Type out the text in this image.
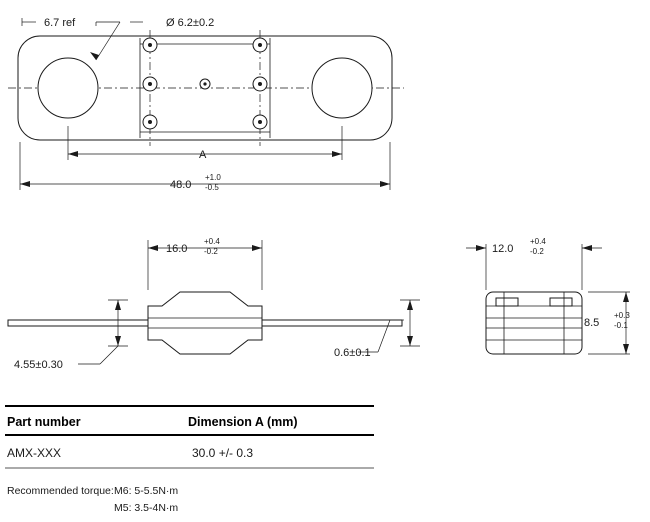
6.7 ref	Ø 6.2±0.2
A
48.0
+1.0
-0.5
16.0
+0.4
-0.2
4.55±0.30
0.6±0.1
12.0
+0.4
-0.2
8.5
+0.3
-0.1
Part number	Dimension A (mm)
AMX-XXX	30.0 +/- 0.3
Recommended torque: M6: 5-5.5N·m
M5: 3.5-4N·m
